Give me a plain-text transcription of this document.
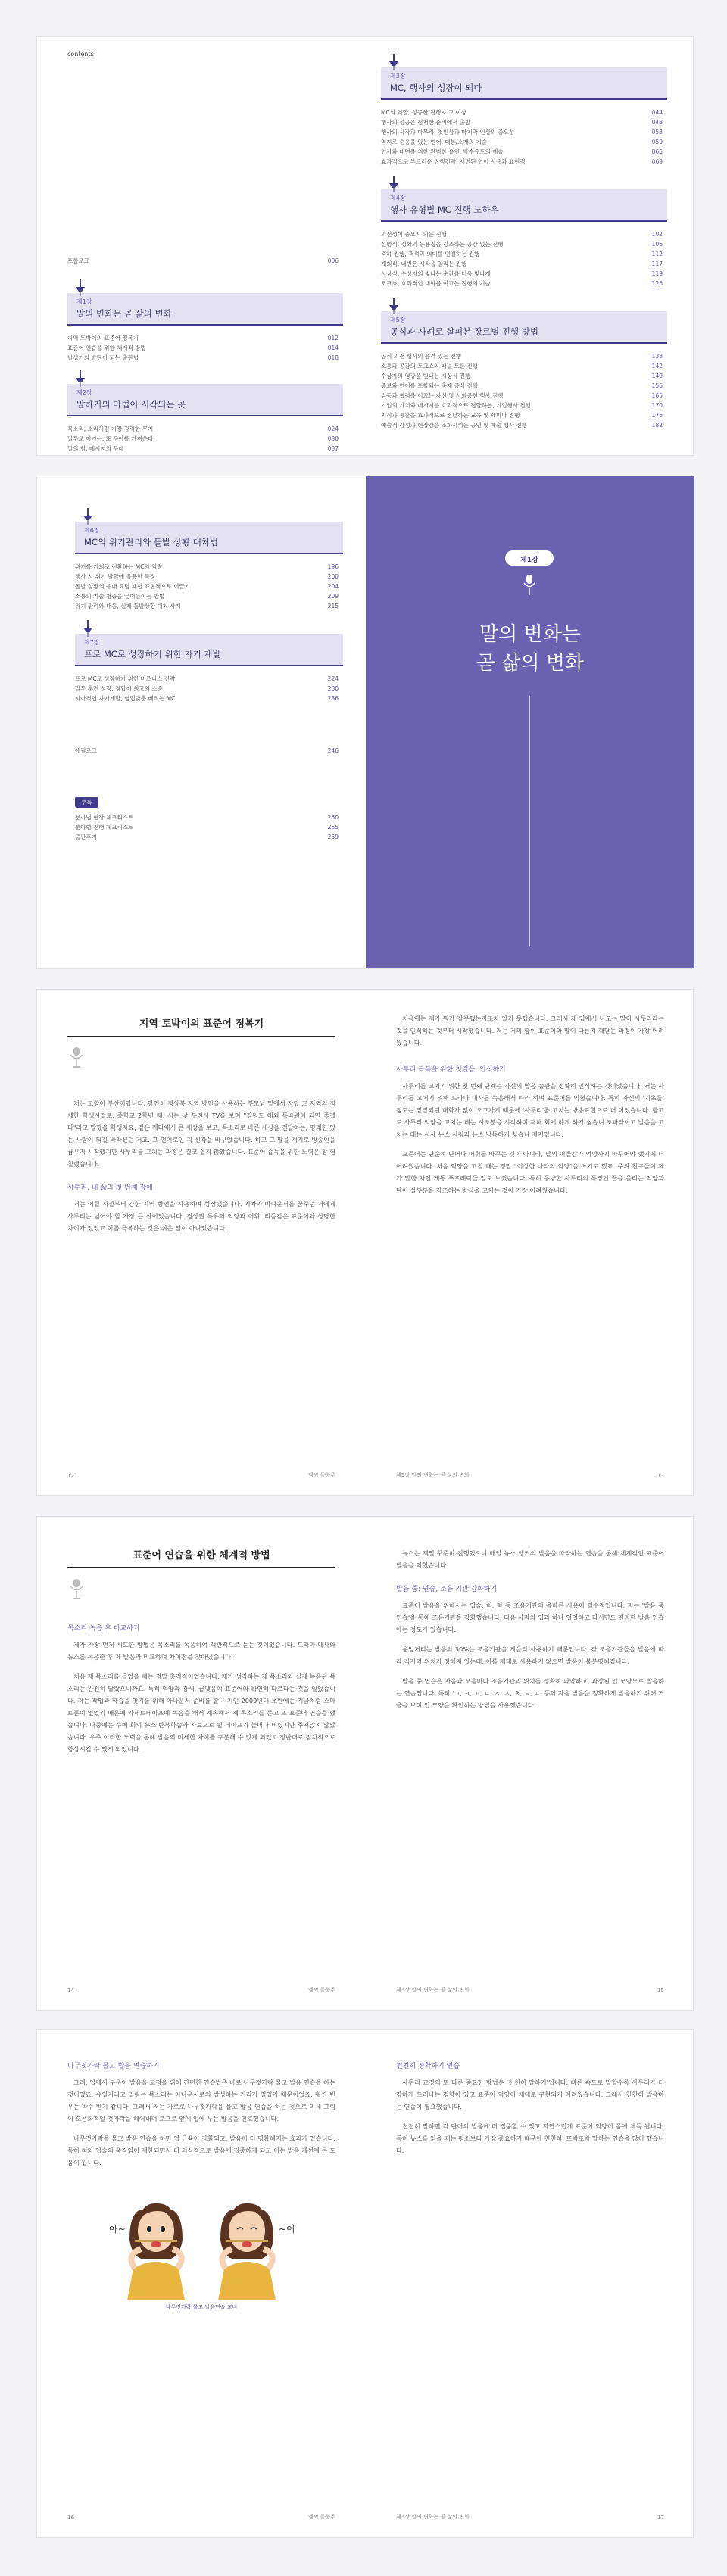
contents
프롤로그	006
제1장
말의 변화는 곧 삶의 변화
지역 토박이의 표준어 정복기	012
표준어 연습을 위한 체계적 방법	014
발성기의 발단이 되는 출판법	018
제2장
말하기의 마법이 시작되는 곳
목소리, 소리처럼 가장 강력한 무기	024
말투로 이기는, 또 우아를 가져온다	030
말의 힘, 메시지의 무대	037
제3장
MC, 행사의 성장이 되다
MC의 역할, 성공한 진행자 그 이상	044
행사의 성공은 철저한 준비에서 출발	048
행사의 시작과 마무리: 첫인상과 마지막 인상의 중요성	053
역지로 순응을 있는 언어, 대본/소개의 기술	059
연사와 대면을 위한 완벽한 유연, 박수유도의 예술	065
효과적으로 부드러운 진행전략, 세련된 언어 사용과 표현력	069
제4장
행사 유형별 MC 진행 노하우
의전성이 중요시 되는 진행	102
설명식, 정확의 등용집을 강조하는 공감 있는 진행	106
축하 진행, 객석과 의미를 연결하는 진행	112
개회식, 내빈은 시작을 알리는 진행	117
시상식, 수상자의 빛나는 순간을 더욱 빛나게	119
토크쇼, 효과적인 대화를 이끄는 진행의 기술	126
제5장
공식과 사례로 살펴본 장르별 진행 방법
공식 의전 행사의 품격 있는 진행	138
소통과 공감의 토크쇼와 패널 토론 진행	142
수상자의 영광을 빛내는 시상식 진행	149
증보와 언어를 포함되는 축제 공식 진행	156
감동과 협력을 이끄는 자선 및 사회공헌 행사 진행	165
기업의 가치와 메시지를 효과적으로 전달하는, 기업행사 진행	170
지식과 통찰을 효과적으로 전달하는 교육 및 세미나 진행	176
예술적 감성과 현장감을 조화시키는 공연 및 예술 행사 진행	182
제6장
MC의 위기관리와 돌발 상황 대처법
위기를 기회로 전환하는 MC의 역량	196
행사 시 위기 발할에 유용한 특징	200
돌발 상황의 응대 요령 패션 표현적으로 이끌기	204
소통의 기술 청중을 끌어들이는 방법	209
위기 관리와 대응, 실제 돌발상황 대처 사례	215
제7장
프로 MC로 성장하기 위한 자기 계발
프로 MC로 성장하기 위한 비즈니스 전략	224
말투 훈련 성장, 정답이 최고의 스승	230
자아적인 자기계발, 영업맞춘 배려는 MC	236
에필로그	246
부록
분야별 현장 체크리스트	250
분야별 진행 체크리스트	255
출판후기	259
제1장
말의 변화는
곧 삶의 변화
지역 토박이의 표준어 정복기

저는 고향이 부산이랍니다. 당연히 경상북 지역 방언을 사용하는 부모님 밑에서 자랐 고 지역의 정체한 학생시절로, 중학교 2학년 때, 서는 낯 부전시 TV를 보며 "강원도 해외 특파원이 되면 좋겠다"라고 말했을 학생자요, 겉은 깨타에서 큰 세상을 보고, 목소리로 바른 세상을 전달하는, 명쾌한 있는 사람이 되길 바라셨던 거죠. 그 언어로인 지 신각을 바꾸었습니다. 하고 그 말을 계기로 방송인을 꿈꾸기 시작했지만 사투리를 고치는 과정은 결코 쉽지 않았습니다. 표준어 습득을 위한 노력은 참 험칠했습니다.

사투리, 내 삶의 첫 번째 장애

저는 어릴 시절부터 강한 지역 방언을 사용하며 성장했습니다. 기차와 아나운서를 꿈꾸던 저에게 사투리는 넘어야 할 가장 큰 산이었습니다. 경상권 특유의 억양과 어휘, 리듬감은 표준어와 상당한 차이가 있었고 이를 극복하는 것은 쉬운 일이 아니었습니다.

12	엠씨 돌풍주

처음에는 제가 뭐가 잘못했는지조차 알기 못했습니다. 그래서 제 입에서 나오는 말이 사투리라는 것을 인식하는 것부터 시작했습니다. 저는 거의 항이 표준어와 말이 다른지 깨닫는 과정이 가장 어려웠습니다.

사투리 극복을 위한 첫걸음, 인식하기

사투리를 고치기 위한 첫 번째 단계는 자신의 발음 습관을 정확히 인식하는 것이었습니다. 저는 사투리를 고치기 위해 드라마 대사를 녹음해서 따라 하며 표준어를 익혔습니다. 특히 자신의 '기초를' 정도는 밑말되던 대화가 없이 오고가기 때문에 '사투리'를 고치는 방송표현으로 더 이었습니다. 향고로 사투리 억양을 고치는 데는 시조분을 시작하며 재해 회에 하게 하기 싫습니 조파라이고 발음을 고치는 데는 시사 뉴스 시청과 뉴스 낭독하기 싫습니 재저였니다.

표준어는 단순히 단어나 어휘를 바꾸는 것이 아니라, 말의 어들감과 억양까지 바꾸어야 했기에 더 어려웠습니다. 처음 억양을 고칠 때는 정말 "이상한 나라의 억양"을 쓰기도 했죠. 주위 친구들이 제가 말한 차연 게통 푸프레럭들 앞도 느꼈습니다. 특히 동냥한 사투리의 특징인 끝을 올리는 억양과 단어 설부분을 강조하는 방식을 고치는 것이 가장 어려웠습니다.

제1장 말의 변화는 곧 삶의 변화	13
표준어 연습을 위한 체계적 방법
목소리 녹음 후 비교하기

제가 가장 먼저 시도한 방법은 목소리를 녹음하여 객관적으로 듣는 것이었습니다. 드라마 대사와 뉴스를 녹음한 후 제 발음과 비교하며 차이점을 찾아냈습니다.

처음 제 목소리를 들었을 때는 정말 충격적이었습니다. 제가 생각하는 제 목소리와 실제 녹음된 목소리는 완전히 달랐으니까요. 특히 억양과 강세, 끝맺음이 표준어와 확연히 다르다는 것을 알았습니다. 저는 작업과 학습을 잇기를 위해 아나운서 준비를 할 시기인 2000년대 초반에는 지금처럼 스마트폰이 없었기 때문에 카세트테이프에 녹음을 해서 계속해서 제 목소리를 듣고 또 표준어 연습을 했습니다. 나중에는 수백 회의 뉴스 반복학습과 자료으로 될 테이프가 늘어나 버렸지만 주저앉지 않았습니다. 우주 이러한 노력을 통해 발음의 미세한 차이를 구분해 수 있게 되었고 정반대로 점차적으로 향상시킬 수 있게 되었니다.

14	엠씨 돌풍주

뉴스는 제일 꾸준히 진행했으니 매일 뉴스 앵커의 발음을 따라하는 연습을 통해 체계적인 표준어 발음을 익혔습니다.

발음 중: 연습, 조음 기관 강화하기

표준어 발음을 위해서는 입술, 혀, 턱 등 조음기관의 올바른 사용이 필수적입니다. 저는 '발음 중 연습'을 통해 조음기관을 강화했습니다. 다음 사자와 입과 하나 얼얼하고 다시면도 편지한 발음 연습에는 정도가 있습니다.

웅엉거리는 발음의 30%는 조음기관을 게을리 사용하기 때문입니다. 각 조음기관들을 발음에 따라 각자의 위치가 정해져 있는데, 이를 제대로 사용하지 않으면 발음이 불분명해집니다.

발음 중 연습은 자음과 모음마다 조음기관의 위치를 정확히 파악하고, 과장된 입 모양으로 발음하는 연습입니다. 특히 'ㄱ, ㅋ, ㄲ, ㄴ, ㅅ, ㅈ, ㅊ, ㅌ, ㅍ' 등의 자음 발음을 정확하게 발음하기 위해 거울을 보며 입 모양을 확인하는 방법을 사용했습니다.

제1장 말의 변화는 곧 삶의 변화	15
나무젓가락 물고 발음 연습하기

그래, 입에서 구운히 발음을 교정을 위해 간편한 연습법은 바로 나무젓가락 물고 발음 연습을 하는 것이었죠. 유일거리고 밀림는 목소리는 아나운서로의 발성하는 거리가 멀었기 때문이었죠. 훨씬 빈우는 박수 받기 같니다. 그래서 저는 가로로 나무젓가락을 물고 발음 연습을 하는 것으로 미세 그림이 오픈화적일 것가락을 헤어내며 로으로 앞에 입에 두는 발음을 연호했습니다.

나무젓가락을 물고 발음 연습을 하면 입 근육이 강화되고, 발음이 더 명확해지는 효과가 있습니다. 특히 혀와 입술의 움직임이 제한되면서 더 의식적으로 발음에 집중하게 되고 이는 발음 개선에 큰 도움이 됩니다.

아~	~이
나무젓가락 물고 발음연습 교비
16	엠씨 돌풍주
천천히 정확하기 연습

사투리 교정의 또 다른 중요한 방법은 '천천히 말하기'입니다. 빠른 속도로 말할수록 사투리가 더 강하게 드러나는 경향이 있고 표준어 억양이 제대로 구현되기 어려웠습니다. 그래서 천천히 발음하는 연습이 필요했습니다.

천천히 말하면 각 단어의 발음에 더 집중할 수 있고 자연스럽게 표준어 억양이 몸에 체득 됩니다. 특히 뉴스를 읽을 때는 평소보다 가장 중요하기 때문에 천천히, 또박또박 말하는 연습을 많이 했습니다.

제1장 말의 변화는 곧 삶의 변화	17
